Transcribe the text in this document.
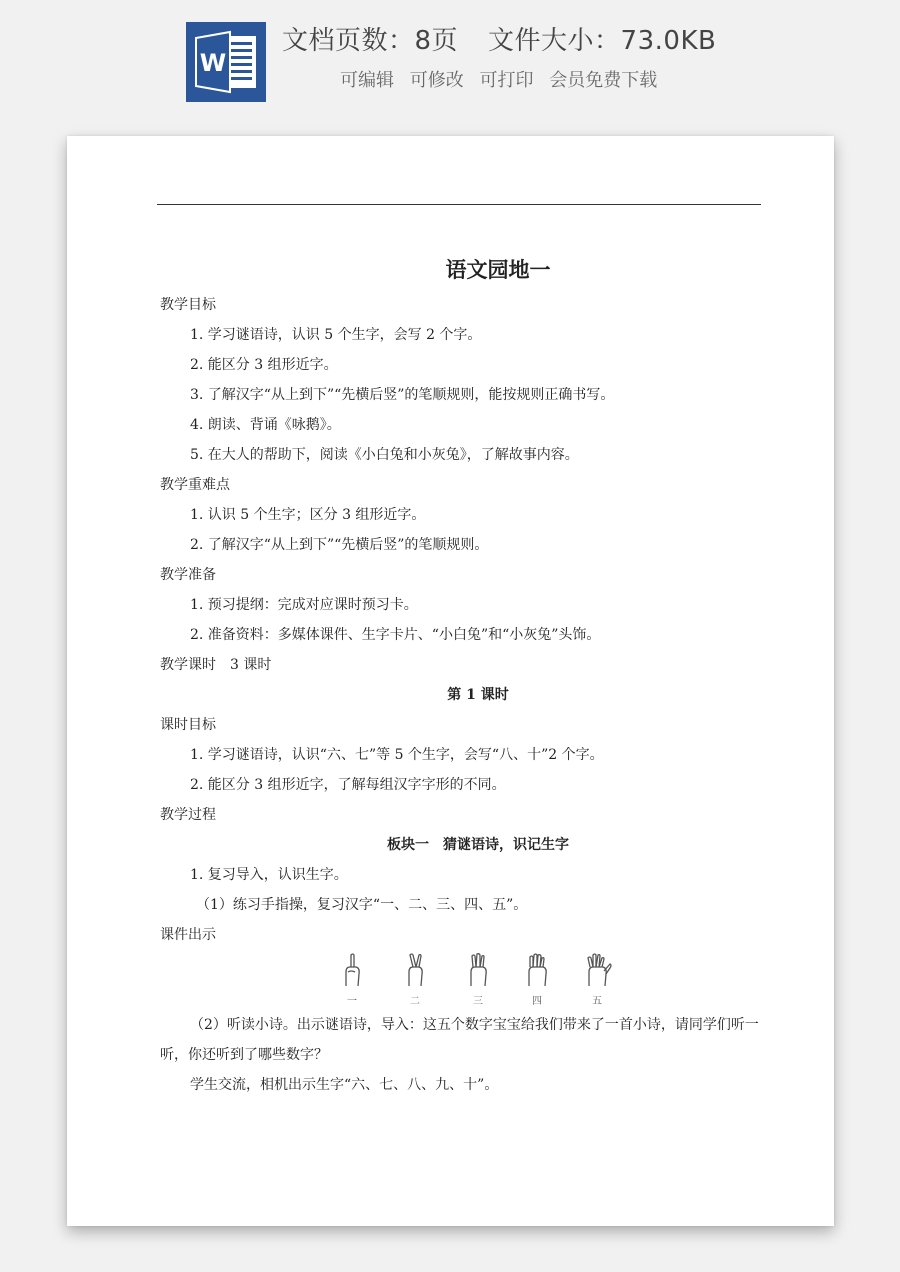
W
文档页数：8页 文件大小：73.0KB
可编辑 可修改 可打印 会员免费下载
语文园地一
教学目标
1. 学习谜语诗，认识 5 个生字，会写 2 个字。
2. 能区分 3 组形近字。
3. 了解汉字“从上到下”“先横后竖”的笔顺规则，能按规则正确书写。
4. 朗读、背诵《咏鹅》。
5. 在大人的帮助下，阅读《小白兔和小灰兔》，了解故事内容。
教学重难点
1. 认识 5 个生字；区分 3 组形近字。
2. 了解汉字“从上到下”“先横后竖”的笔顺规则。
教学准备
1. 预习提纲：完成对应课时预习卡。
2. 准备资料：多媒体课件、生字卡片、“小白兔”和“小灰兔”头饰。
教学课时　3 课时
第 1 课时
课时目标
1. 学习谜语诗，认识“六、七”等 5 个生字，会写“八、十”2 个字。
2. 能区分 3 组形近字，了解每组汉字字形的不同。
教学过程
板块一　猜谜语诗，识记生字
1. 复习导入，认识生字。
（1）练习手指操，复习汉字“一、二、三、四、五”。
课件出示
一	二	三	四	五
（2）听读小诗。出示谜语诗，导入：这五个数字宝宝给我们带来了一首小诗，请同学们听一听，你还听到了哪些数字？
学生交流，相机出示生字“六、七、八、九、十”。
